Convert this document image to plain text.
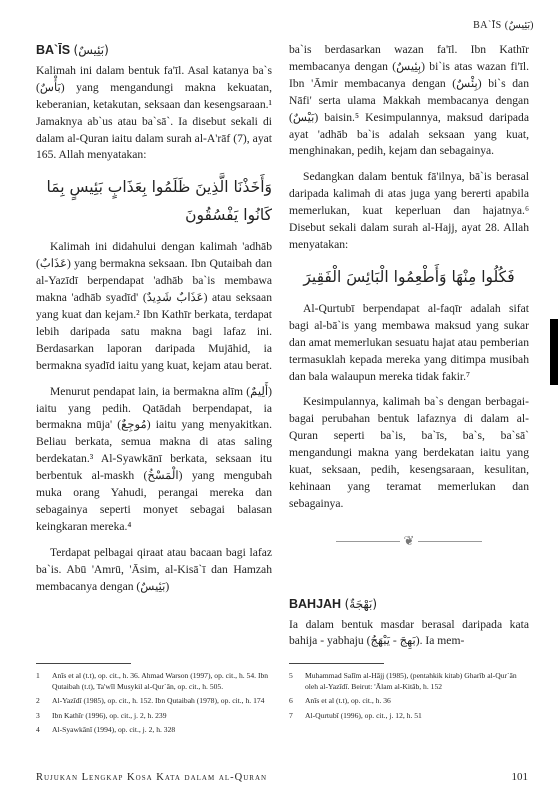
BA`ĪS (بَئِيسٌ)
BA`ĪS (بَئِيسٌ)

Kalimah ini dalam bentuk fa'īl. Asal katanya ba`s (بَأْسٌ) yang mengandungi makna kekuatan, keberanian, ketakutan, seksaan dan kesengsaraan.¹ Jamaknya ab`us atau ba`sā`. Ia disebut sekali di dalam al-Quran iaitu dalam surah al-A'rāf (7), ayat 165. Allah menyatakan:

وَأَخَذْنَا الَّذِينَ ظَلَمُوا بِعَذَابٍ بَئِيسٍ بِمَا كَانُوا يَفْسُقُونَ

Kalimah ini didahului dengan kalimah 'adhāb (عَذَابٌ) yang bermakna seksaan. Ibn Qutaibah dan al-Yazīdī berpendapat 'adhāb ba`is membawa makna 'adhāb syadīd' (عَذَابٌ شَدِيدٌ) atau seksaan yang kuat dan kejam.² Ibn Kathīr berkata, terdapat lebih daripada satu makna bagi lafaz ini. Berdasarkan laporan daripada Mujāhid, ia bermakna syadīd iaitu yang kuat, kejam atau berat.

Menurut pendapat lain, ia bermakna alīm (أَلِيمٌ) iaitu yang pedih. Qatādah berpendapat, ia bermakna mūja' (مُوجِعٌ) iaitu yang menyakitkan. Beliau berkata, semua makna di atas saling berdekatan.³ Al-Syawkānī berkata, seksaan itu berbentuk al-maskh (الْمَسْخُ) yang mengubah muka orang Yahudi, perangai mereka dan sebagainya seperti monyet sebagai balasan keingkaran mereka.⁴

Terdapat pelbagai qiraat atau bacaan bagi lafaz ba`is. Abū 'Amrū, 'Āsim, al-Kisā`ī dan Hamzah membacanya dengan (بَئِيسٌ)

ba`is berdasarkan wazan fa'īl. Ibn Kathīr membacanya dengan (بِئِيسٌ) bi`is atas wazan fi'īl. Ibn 'Āmir membacanya dengan (بِئْسٌ) bi`s dan Nāfi' serta ulama Makkah membacanya dengan (بَيْسٌ) baisin.⁵ Kesimpulannya, maksud daripada ayat 'adhāb ba`is adalah seksaan yang kuat, menghinakan, pedih, kejam dan sebagainya.

Sedangkan dalam bentuk fā'ilnya, bā`is berasal daripada kalimah di atas juga yang bererti apabila memerlukan, kuat keperluan dan hajatnya.⁶ Disebut sekali dalam surah al-Hajj, ayat 28. Allah menyatakan:

فَكُلُوا مِنْهَا وَأَطْعِمُوا الْبَائِسَ الْفَقِيرَ

Al-Qurtubī berpendapat al-faqīr adalah sifat bagi al-bā`is yang membawa maksud yang sukar dan amat memerlukan sesuatu hajat atau pemberian termasuklah kepada mereka yang ditimpa musibah dan bala walaupun mereka tidak fakir.⁷

Kesimpulannya, kalimah ba`s dengan berbagai-bagai perubahan bentuk lafaznya di dalam al-Quran seperti ba`is, ba`īs, ba`s, ba`sā` mengandungi makna yang berdekatan iaitu yang kuat, seksaan, pedih, kesengsaraan, kesulitan, kehinaan yang teramat memerlukan dan sebagainya.

❦
BAHJAH (بَهْجَةٌ)

Ia dalam bentuk masdar berasal daripada kata bahija - yabhaju (بَهِجَ - يَبْهَجُ). Ia mem-

1	Anīs et al (t.t), op. cit., h. 36. Ahmad Warson (1997), op. cit., h. 54. Ibn Qutaibah (t.t), Ta'wīl Musykil al-Qur`ān, op. cit., h. 505.
2	Al-Yazīdī (1985), op. cit., h. 152. Ibn Qutaibah (1978), op. cit., h. 174
3	Ibn Kathīr (1996), op. cit., j. 2, h. 239
4	Al-Syawkānī (1994), op. cit., j. 2, h. 328
5	Muhammad Salīm al-Hājj (1985), (pentahkik kitab) Gharīb al-Qur`ān oleh al-Yazīdī. Beirut: 'Ālam al-Kitāb, h. 152
6	Anīs et al (t.t), op. cit., h. 36
7	Al-Qurtubī (1996), op. cit., j. 12, h. 51
Rujukan Lengkap Kosa Kata dalam al-Quran	101
